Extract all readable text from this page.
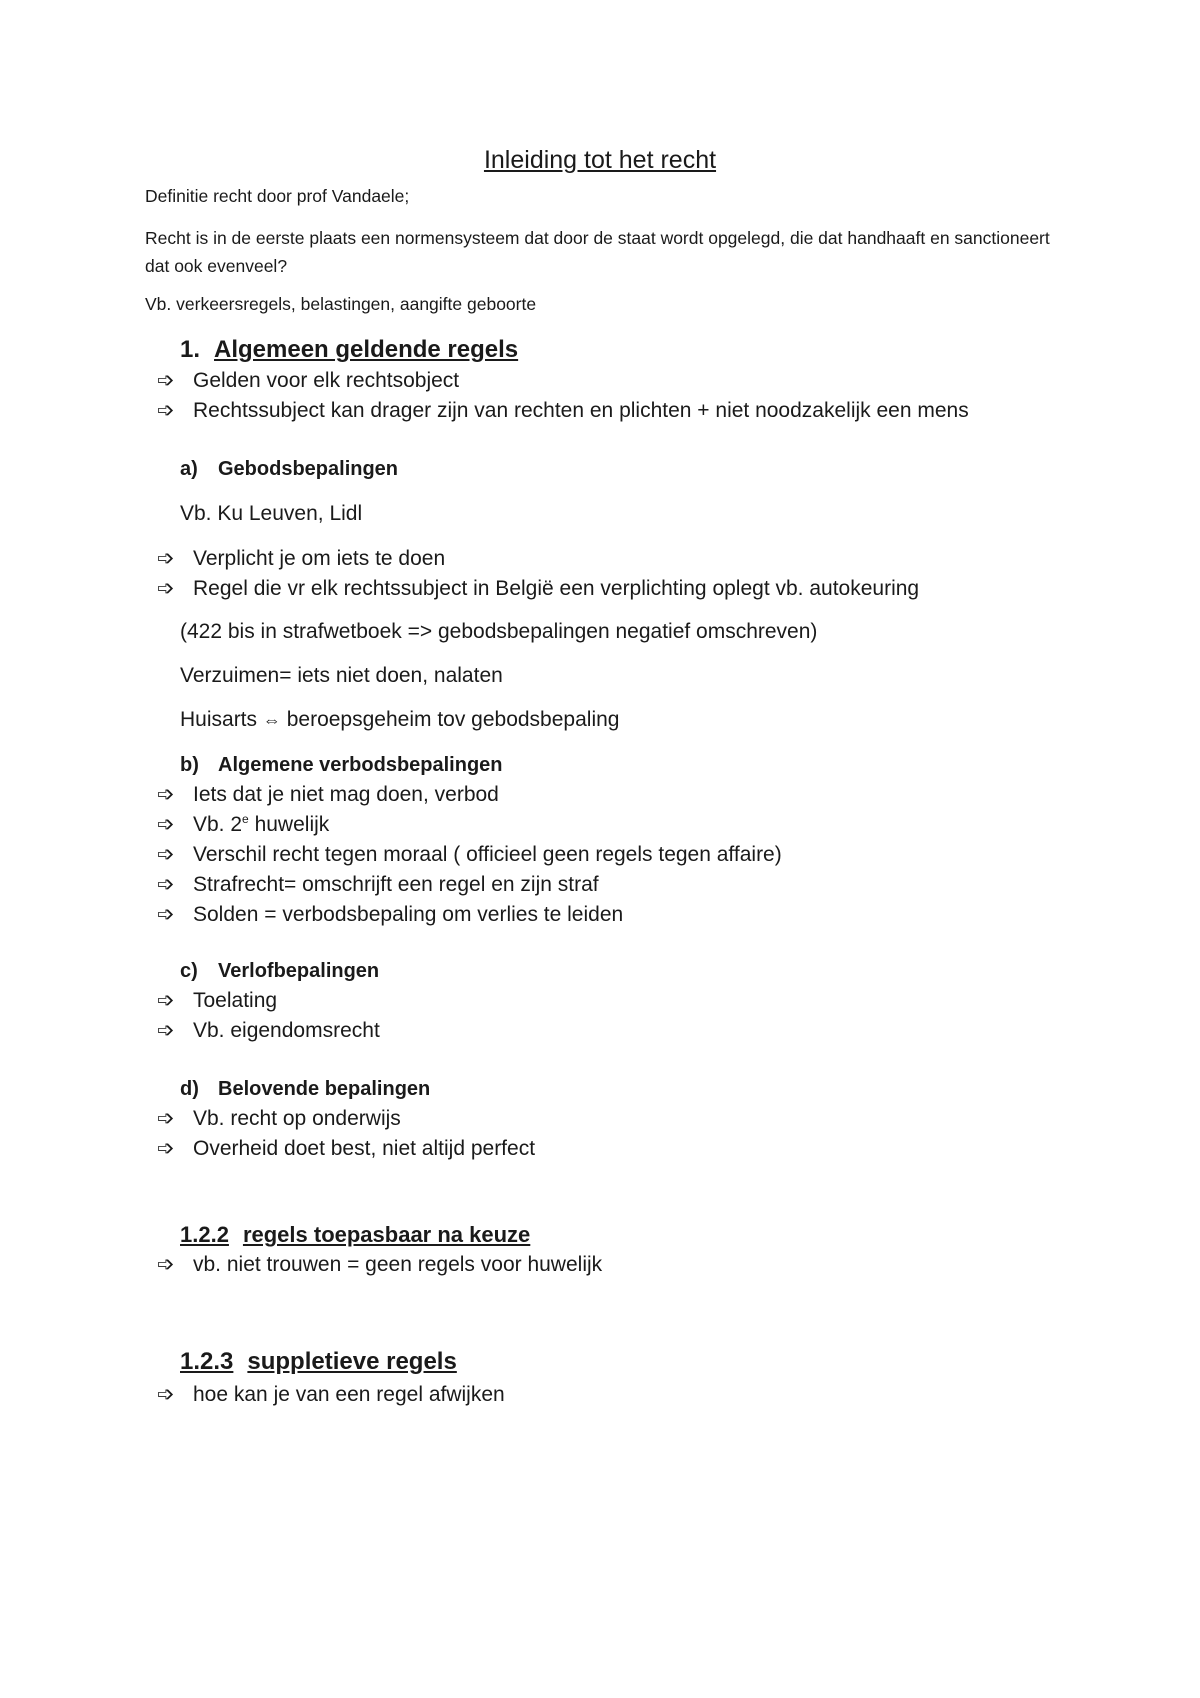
Inleiding tot het recht
Definitie recht door prof Vandaele;
Recht is in de eerste plaats een normensysteem dat door de staat wordt opgelegd, die dat handhaaft en sanctioneert dat ook evenveel?
Vb. verkeersregels, belastingen, aangifte geboorte
1. Algemeen geldende regels
➩ Gelden voor elk rechtsobject
➩ Rechtssubject kan drager zijn van rechten en plichten + niet noodzakelijk een mens
a) Gebodsbepalingen
Vb. Ku Leuven, Lidl
➩ Verplicht je om iets te doen
➩ Regel die vr elk rechtssubject in België een verplichting oplegt vb. autokeuring
(422 bis in strafwetboek => gebodsbepalingen negatief omschreven)
Verzuimen= iets niet doen, nalaten
Huisarts ⇔ beroepsgeheim tov gebodsbepaling
b) Algemene verbodsbepalingen
➩ Iets dat je niet mag doen, verbod
➩ Vb. 2e huwelijk
➩ Verschil recht tegen moraal ( officieel geen regels tegen affaire)
➩ Strafrecht= omschrijft een regel en zijn straf
➩ Solden = verbodsbepaling om verlies te leiden
c) Verlofbepalingen
➩ Toelating
➩ Vb. eigendomsrecht
d) Belovende bepalingen
➩ Vb. recht op onderwijs
➩ Overheid doet best, niet altijd perfect
1.2.2 regels toepasbaar na keuze
➩ vb. niet trouwen = geen regels voor huwelijk
1.2.3 suppletieve regels
➩ hoe kan je van een regel afwijken
